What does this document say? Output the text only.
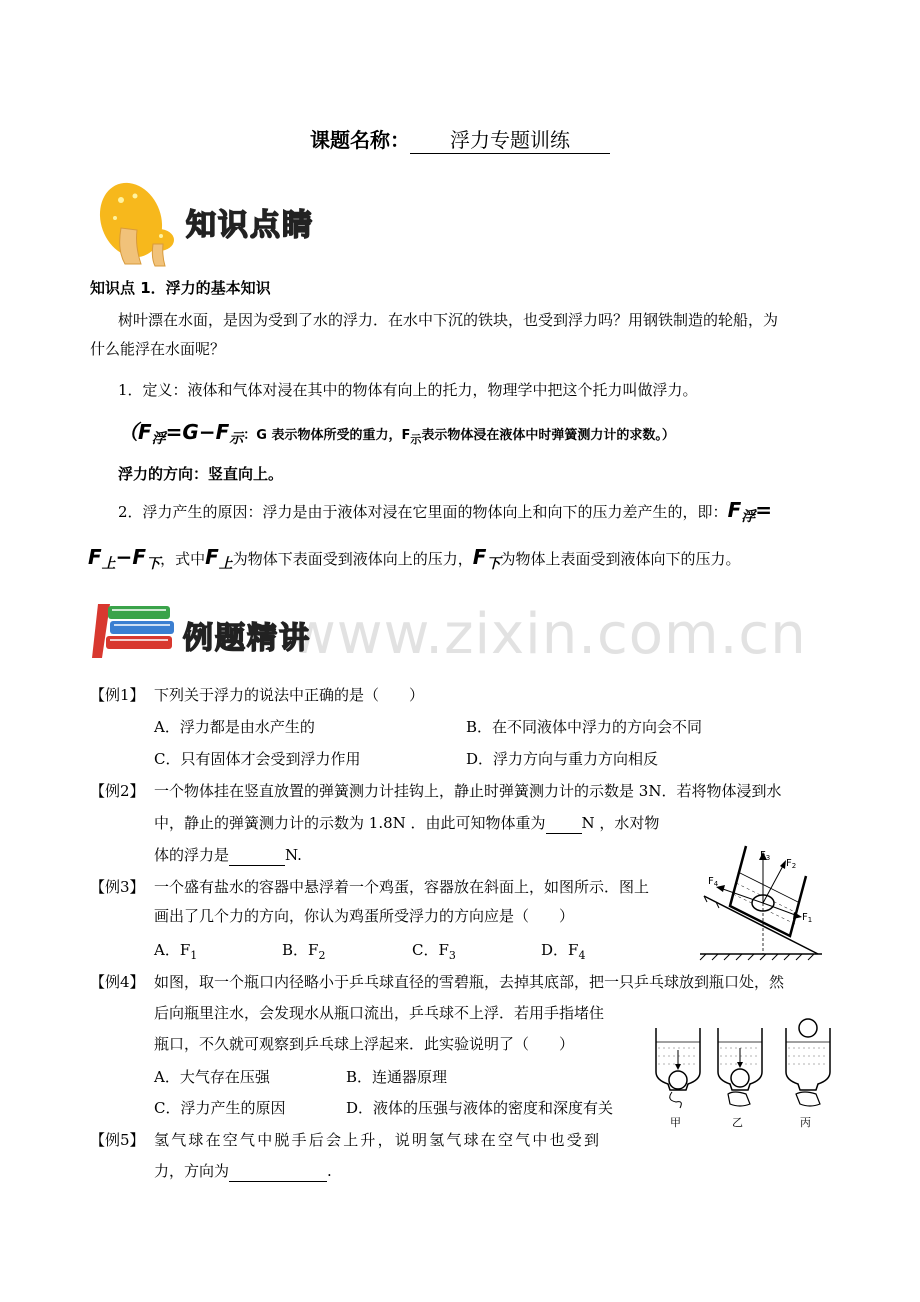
课题名称： 浮力专题训练
知识点睛
知识点 1．浮力的基本知识
树叶漂在水面，是因为受到了水的浮力．在水中下沉的铁块，也受到浮力吗？用钢铁制造的轮船，为
什么能浮在水面呢？
1．定义：液体和气体对浸在其中的物体有向上的托力，物理学中把这个托力叫做浮力。
（$F_浮=G-F_示$：G 表示物体所受的重力，$F_示$表示物体浸在液体中时弹簧测力计的求数。）
浮力的方向：竖直向上。
2．浮力产生的原因：浮力是由于液体对浸在它里面的物体向上和向下的压力差产生的，即：$F_浮=$
$F_上-F_下$，式中$F_上$为物体下表面受到液体向上的压力，$F_下$为物体上表面受到液体向下的压力。
www.zixin.com.cn
例题精讲
【例1】 下列关于浮力的说法中正确的是（　　）
A．浮力都是由水产生的	B．在不同液体中浮力的方向会不同
C．只有固体才会受到浮力作用	D．浮力方向与重力方向相反
【例2】 一个物体挂在竖直放置的弹簧测力计挂钩上，静止时弹簧测力计的示数是 3N．若将物体浸到水
中，静止的弹簧测力计的示数为 1.8N ．由此可知物体重为 N ，水对物
体的浮力是	N.	$F_3$ $F_2$
$F_1$
$F_4$
【例3】 一个盛有盐水的容器中悬浮着一个鸡蛋，容器放在斜面上，如图所示．图上
画出了几个力的方向，你认为鸡蛋所受浮力的方向应是（　　）
A．$F_1$	B．$F_2$	C．$F_3$	D．$F_4$
【例4】 如图，取一个瓶口内径略小于乒乓球直径的雪碧瓶，去掉其底部，把一只乒乓球放到瓶口处，然
后向瓶里注水，会发现水从瓶口流出，乒乓球不上浮．若用手指堵住
瓶口，不久就可观察到乒乓球上浮起来．此实验说明了（　　）
A．大气存在压强	B．连通器原理
C．浮力产生的原因	D．液体的压强与液体的密度和深度有关
甲	乙	丙
【例5】 氢气球在空气中脱手后会上升，说明氢气球在空气中也受到
力，方向为	.
